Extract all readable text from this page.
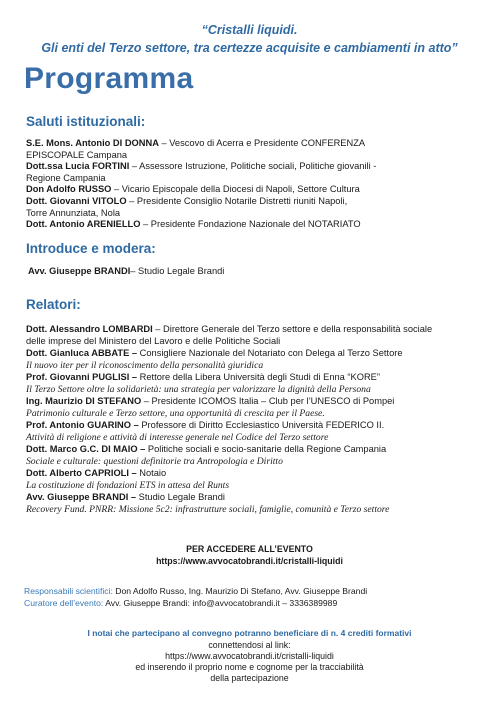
“Cristalli liquidi.
Gli enti del Terzo settore, tra certezze acquisite e cambiamenti in atto”
Programma
Saluti istituzionali:
S.E. Mons. Antonio DI DONNA – Vescovo di Acerra e Presidente CONFERENZA
EPISCOPALE Campana
Dott.ssa Lucia FORTINI – Assessore Istruzione, Politiche sociali, Politiche giovanili -
Regione Campania
Don Adolfo RUSSO – Vicario Episcopale della Diocesi di Napoli, Settore Cultura
Dott. Giovanni VITOLO – Presidente Consiglio Notarile Distretti riuniti Napoli,
Torre Annunziata, Nola
Dott. Antonio ARENIELLO – Presidente Fondazione Nazionale del NOTARIATO
Introduce e modera:
Avv. Giuseppe BRANDI– Studio Legale Brandi
Relatori:
Dott. Alessandro LOMBARDI – Direttore Generale del Terzo settore e della responsabilità sociale
delle imprese del Ministero del Lavoro e delle Politiche Sociali
Dott. Gianluca ABBATE – Consigliere Nazionale del Notariato con Delega al Terzo Settore
Il nuovo iter per il riconoscimento della personalità giuridica
Prof. Giovanni PUGLISI – Rettore della Libera Università degli Studi di Enna “KORE”
Il Terzo Settore oltre la solidarietà: una strategia per valorizzare la dignità della Persona
Ing. Maurizio DI STEFANO – Presidente ICOMOS Italia – Club per l’UNESCO di Pompei
Patrimonio culturale e Terzo settore, una opportunità di crescita per il Paese.
Prof. Antonio GUARINO – Professore di Diritto Ecclesiastico Università FEDERICO II.
Attività di religione e attività di interesse generale nel Codice del Terzo settore
Dott. Marco G.C. DI MAIO – Politiche sociali e socio-sanitarie della Regione Campania
Sociale e culturale: questioni definitorie tra Antropologia e Diritto
Dott. Alberto CAPRIOLI – Notaio
La costituzione di fondazioni ETS in attesa del Runts
Avv. Giuseppe BRANDI – Studio Legale Brandi
Recovery Fund. PNRR: Missione 5c2: infrastrutture sociali, famiglie, comunità e Terzo settore
PER ACCEDERE ALL’EVENTO
https://www.avvocatobrandi.it/cristalli-liquidi
Responsabili scientifici: Don Adolfo Russo, Ing. Maurizio Di Stefano, Avv. Giuseppe Brandi
Curatore dell’evento: Avv. Giuseppe Brandi: info@avvocatobrandi.it – 3336389989
I notai che partecipano al convegno potranno beneficiare di n. 4 crediti formativi
connettendosi al link:
https://www.avvocatobrandi.it/cristalli-liquidi
ed inserendo il proprio nome e cognome per la tracciabilità
della partecipazione
